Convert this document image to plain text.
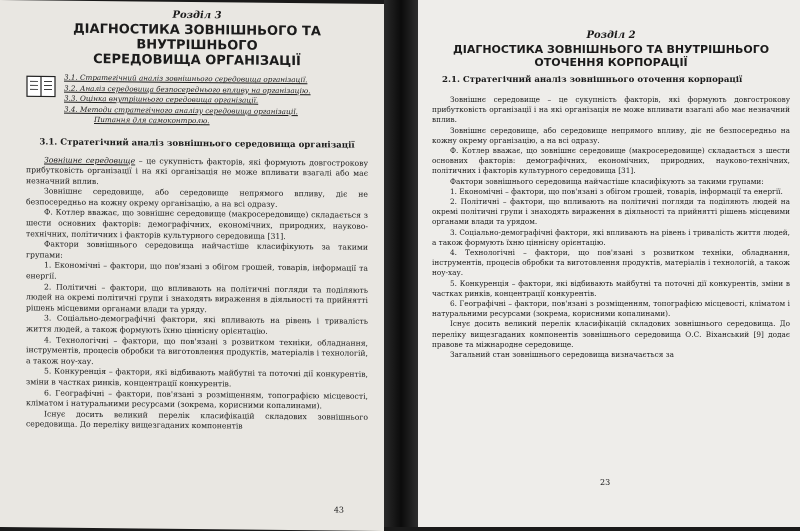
Розділ 3

ДІАГНОСТИКА ЗОВНІШНЬОГО ТА ВНУТРІШНЬОГО
СЕРЕДОВИЩА ОРГАНІЗАЦІЇ
3.1. Стратегічний аналіз зовнішнього середовища організації.
3.2. Аналіз середовища безпосереднього впливу на організацію.
3.3. Оцінка внутрішнього середовища організації.
3.4. Методи стратегічного аналізу середовища організації.
Питання для самоконтролю.

3.1. Стратегічний аналіз зовнішнього середовища організації

Зовнішнє середовище – це сукупність факторів, які формують довгострокову прибутковість організації і на які організація не може впливати взагалі або має незначний вплив.

Зовнішнє середовище, або середовище непрямого впливу, діє не безпосередньо на кожну окрему організацію, а на всі одразу.

Ф. Котлер вважає, що зовнішнє середовище (макросередовище) складається з шести основних факторів: демографічних, економічних, природних, науково-технічних, політичних і факторів культурного середовища [31].

Фактори зовнішнього середовища найчастіше класифікують за такими групами:

1. Економічні – фактори, що пов'язані з обігом грошей, товарів, інформації та енергії.

2. Політичні – фактори, що впливають на політичні погляди та поділяють людей на окремі політичні групи і знаходять вираження в діяльності та прийнятті рішень місцевими органами влади та уряду.

3. Соціально-демографічні фактори, які впливають на рівень і тривалість життя людей, а також формують їхню ціннісну орієнтацію.

4. Технологічні – фактори, що пов'язані з розвитком техніки, обладнання, інструментів, процесів обробки та виготовлення продуктів, матеріалів і технологій, а також ноу-хау.

5. Конкуренція – фактори, які відбивають майбутні та поточні дії конкурентів, зміни в частках ринків, концентрації конкурентів.

6. Географічні – фактори, пов'язані з розміщенням, топографією місцевості, кліматом і натуральними ресурсами (зокрема, корисними копалинами).

Існує досить великий перелік класифікацій складових зовнішнього середовища. До переліку вищезгаданих компонентів

43

Розділ 2

ДІАГНОСТИКА ЗОВНІШНЬОГО ТА ВНУТРІШНЬОГО
ОТОЧЕННЯ КОРПОРАЦІЇ

2.1. Стратегічний аналіз зовнішнього оточення корпорації

Зовнішнє середовище – це сукупність факторів, які формують довгострокову прибутковість організації і на які організація не може впливати взагалі або має незначний вплив.

Зовнішнє середовище, або середовище непрямого впливу, діє не безпосередньо на кожну окрему організацію, а на всі одразу.

Ф. Котлер вважає, що зовнішнє середовище (макросередовище) складається з шести основних факторів: демографічних, економічних, природних, науково-технічних, політичних і факторів культурного середовища [31].

Фактори зовнішнього середовища найчастіше класифікують за такими групами:

1. Економічні – фактори, що пов'язані з обігом грошей, товарів, інформації та енергії.

2. Політичні – фактори, що впливають на політичні погляди та поділяють людей на окремі політичні групи і знаходять вираження в діяльності та прийнятті рішень місцевими органами влади та урядом.

3. Соціально-демографічні фактори, які впливають на рівень і тривалість життя людей, а також формують їхню ціннісну орієнтацію.

4. Технологічні – фактори, що пов'язані з розвитком техніки, обладнання, інструментів, процесів обробки та виготовлення продуктів, матеріалів і технологій, а також ноу-хау.

5. Конкуренція – фактори, які відбивають майбутні та поточні дії конкурентів, зміни в частках ринків, концентрації конкурентів.

6. Географічні – фактори, пов'язані з розміщенням, топографією місцевості, кліматом і натуральними ресурсами (зокрема, корисними копалинами).

Існує досить великий перелік класифікацій складових зовнішнього середовища. До переліку вищезгаданих компонентів зовнішнього середовища О.С. Віханський [9] додає правове та міжнародне середовище.

Загальний стан зовнішнього середовища визначається за

23
